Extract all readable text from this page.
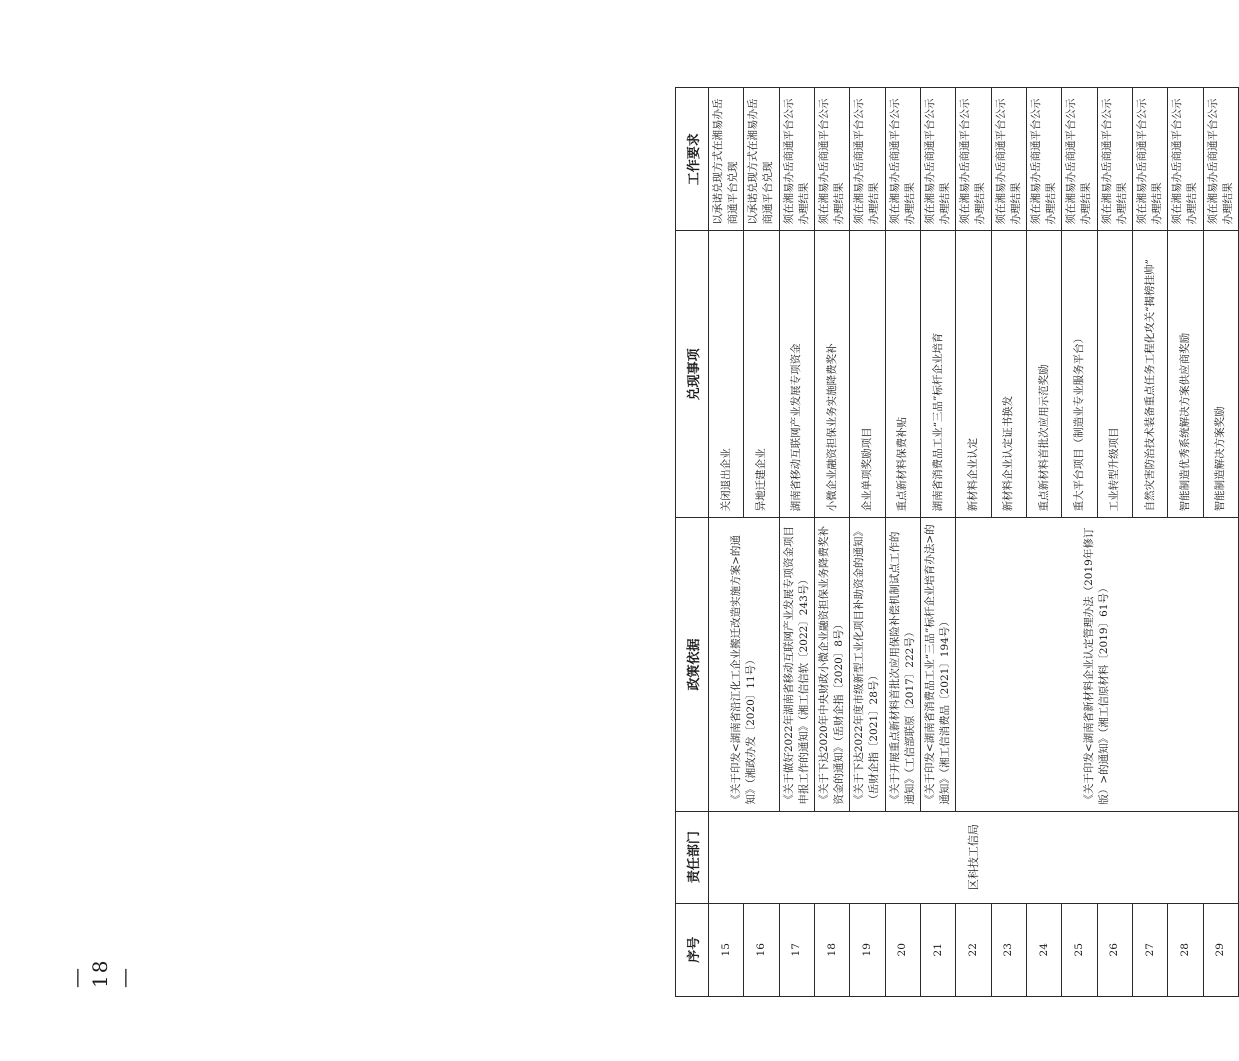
序号	责任部门	政策依据	兑现事项	工作要求
15	区科技工信局	《关于印发<湖南省沿江化工企业搬迁改造实施方案>的通知》（湘政办发〔2020〕11号）	关闭退出企业	以承诺兑现方式在湘易办岳商通平台兑现
16			异地迁建企业	以承诺兑现方式在湘易办岳商通平台兑现
17		《关于做好2022年湖南省移动互联网产业发展专项资金项目申报工作的通知》（湘工信信软〔2022〕243号）	湖南省移动互联网产业发展专项资金	须在湘易办岳商通平台公示办理结果
18		《关于下达2020年中央财政小微企业融资担保业务降费奖补资金的通知》（岳财企指〔2020〕8号）	小微企业融资担保业务实施降费奖补	须在湘易办岳商通平台公示办理结果
19		《关于下达2022年度市级新型工业化项目补助资金的通知》（岳财企指〔2021〕28号）	企业单项奖励项目	须在湘易办岳商通平台公示办理结果
20		《关于开展重点新材料首批次应用保险补偿机制试点工作的通知》（工信部联原〔2017〕222号）	重点新材料保费补贴	须在湘易办岳商通平台公示办理结果
21		《关于印发<湖南省消费品工业“三品”标杆企业培育办法>的通知》（湘工信消费品〔2021〕194号）	湖南省消费品工业“三品”标杆企业培育	须在湘易办岳商通平台公示办理结果
22		《关于印发<湖南省新材料企业认定管理办法（2019年修订版）>的通知》（湘工信原材料〔2019〕61号）	新材料企业认定	须在湘易办岳商通平台公示办理结果
23			新材料企业认定证书换发	须在湘易办岳商通平台公示办理结果
24			重点新材料首批次应用示范奖励	须在湘易办岳商通平台公示办理结果
25			重大平台项目（制造业专业服务平台）	须在湘易办岳商通平台公示办理结果
26			工业转型升级项目	须在湘易办岳商通平台公示办理结果
27			自然灾害防治技术装备重点任务工程化攻关“揭榜挂帅”	须在湘易办岳商通平台公示办理结果
28			智能制造优秀系统解决方案供应商奖励	须在湘易办岳商通平台公示办理结果
29			智能制造解决方案奖励	须在湘易办岳商通平台公示办理结果
— 18 —
